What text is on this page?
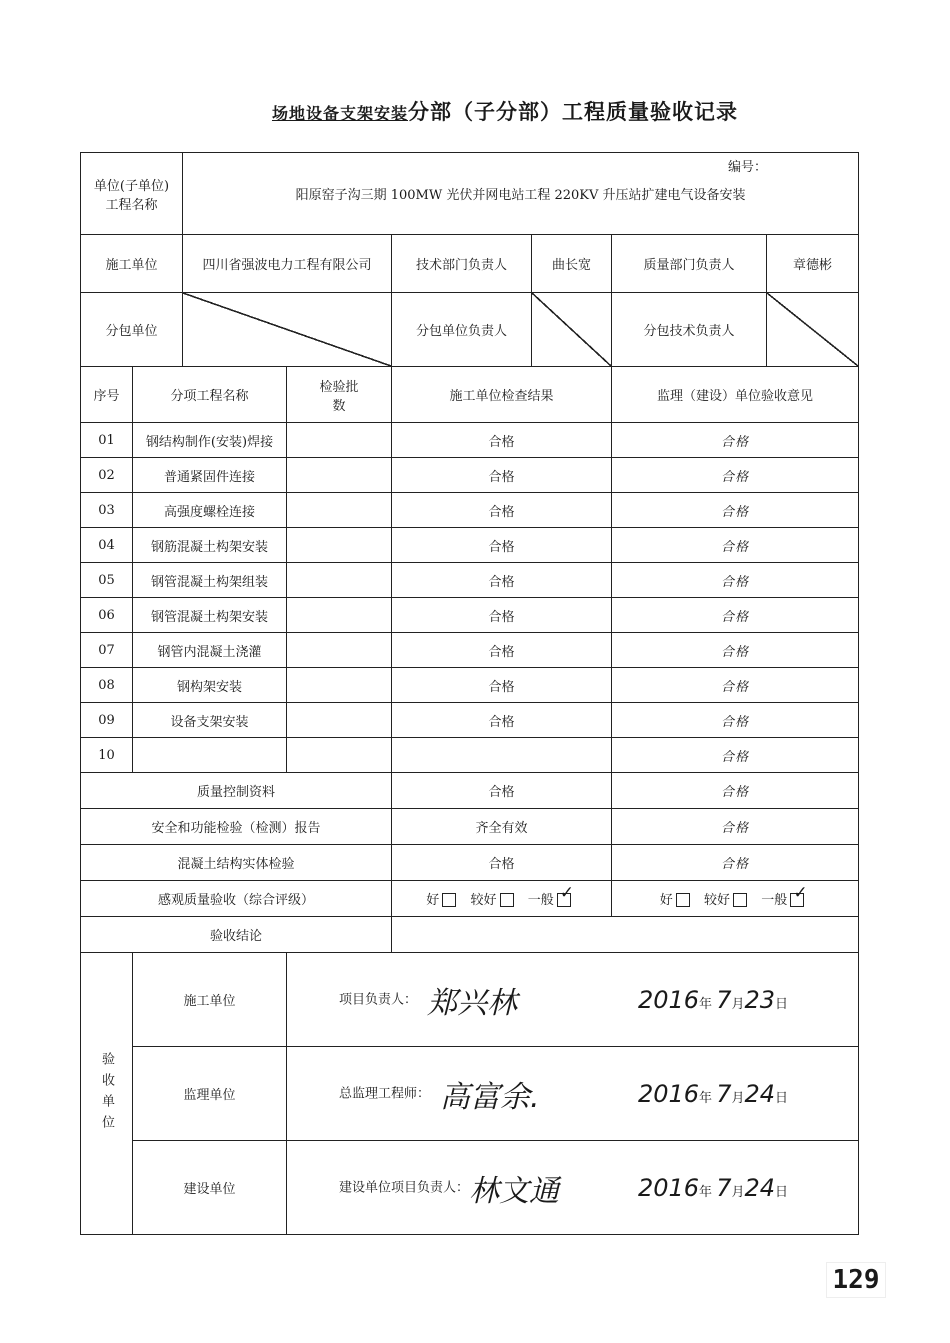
场地设备支架安装分部（子分部）工程质量验收记录
编号：
单位(子单位)
工程名称		阳原窑子沟三期 100MW 光伏并网电站工程 220KV 升压站扩建电气设备安装					
施工单位		四川省强波电力工程有限公司		技术部门负责人	曲长宽	质量部门负责人	章德彬
分包单位				分包单位负责人		分包技术负责人	
序号	分项工程名称		检验批数	施工单位检查结果		监理（建设）单位验收意见	
01	钢结构制作(安装)焊接			合格		合格	
02	普通紧固件连接			合格		合格	
03	高强度螺栓连接			合格		合格	
04	钢筋混凝土构架安装			合格		合格	
05	钢管混凝土构架组装			合格		合格	
06	钢管混凝土构架安装			合格		合格	
07	钢管内混凝土浇灌			合格		合格	
08	钢构架安装			合格		合格	
09	设备支架安装			合格		合格	
10						合格	
质量控制资料				合格		合格	
安全和功能检验（检测）报告				齐全有效		合格	
混凝土结构实体检验				合格		合格	
感观质量验收（综合评级）				好 较好 一般✓		好 较好 一般✓
验收结论							
验收单位	施工单位		项目负责人： 郑兴林 2016年 7月23日				

	监理单位		总监理工程师： 高富余. 2016年 7月24日				

	建设单位		建设单位项目负责人：林文通 2016年 7月24日				
129
